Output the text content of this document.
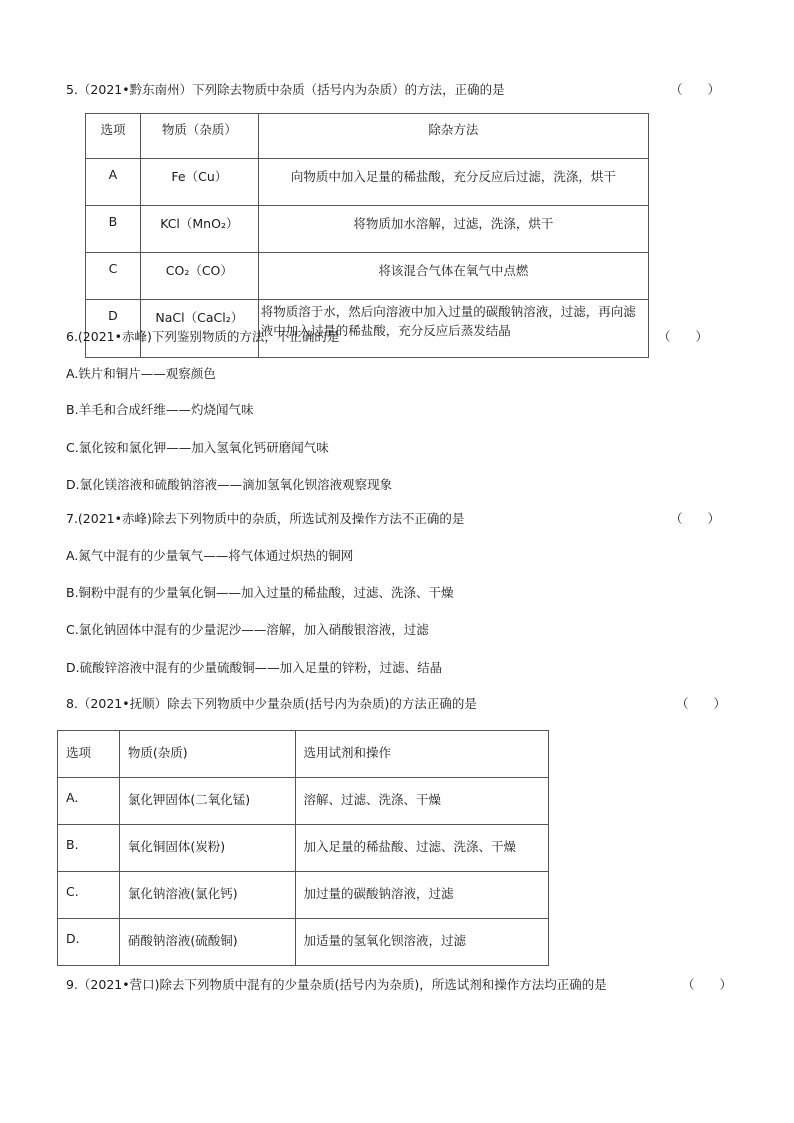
5.（2021•黔东南州）下列除去物质中杂质（括号内为杂质）的方法，正确的是	（　　）
选项	物质（杂质）	除杂方法
A	Fe（Cu）	向物质中加入足量的稀盐酸，充分反应后过滤，洗涤，烘干
B	KCl（MnO₂）	将物质加水溶解，过滤，洗涤，烘干
C	CO₂（CO）	将该混合气体在氧气中点燃
D	NaCl（CaCl₂）	将物质溶于水，然后向溶液中加入过量的碳酸钠溶液，过滤，再向滤液中加入过量的稀盐酸，充分反应后蒸发结晶
6.(2021•赤峰)下列鉴别物质的方法，不正确的是	（　　）
A.铁片和铜片——观察颜色
B.羊毛和合成纤维——灼烧闻气味
C.氯化铵和氯化钾——加入氢氧化钙研磨闻气味
D.氯化镁溶液和硫酸钠溶液——滴加氢氧化钡溶液观察现象
7.(2021•赤峰)除去下列物质中的杂质，所选试剂及操作方法不正确的是	（　　）
A.氮气中混有的少量氧气——将气体通过炽热的铜网
B.铜粉中混有的少量氧化铜——加入过量的稀盐酸，过滤、洗涤、干燥
C.氯化钠固体中混有的少量泥沙——溶解，加入硝酸银溶液，过滤
D.硫酸锌溶液中混有的少量硫酸铜——加入足量的锌粉，过滤、结晶
8.（2021•抚顺）除去下列物质中少量杂质(括号内为杂质)的方法正确的是	（　　）
选项	物质(杂质)	选用试剂和操作
A.	氯化钾固体(二氧化锰)	溶解、过滤、洗涤、干燥
B.	氧化铜固体(炭粉)	加入足量的稀盐酸、过滤、洗涤、干燥
C.	氯化钠溶液(氯化钙)	加过量的碳酸钠溶液，过滤
D.	硝酸钠溶液(硫酸铜)	加适量的氢氧化钡溶液，过滤
9.（2021•营口)除去下列物质中混有的少量杂质(括号内为杂质)，所选试剂和操作方法均正确的是	（　　）
